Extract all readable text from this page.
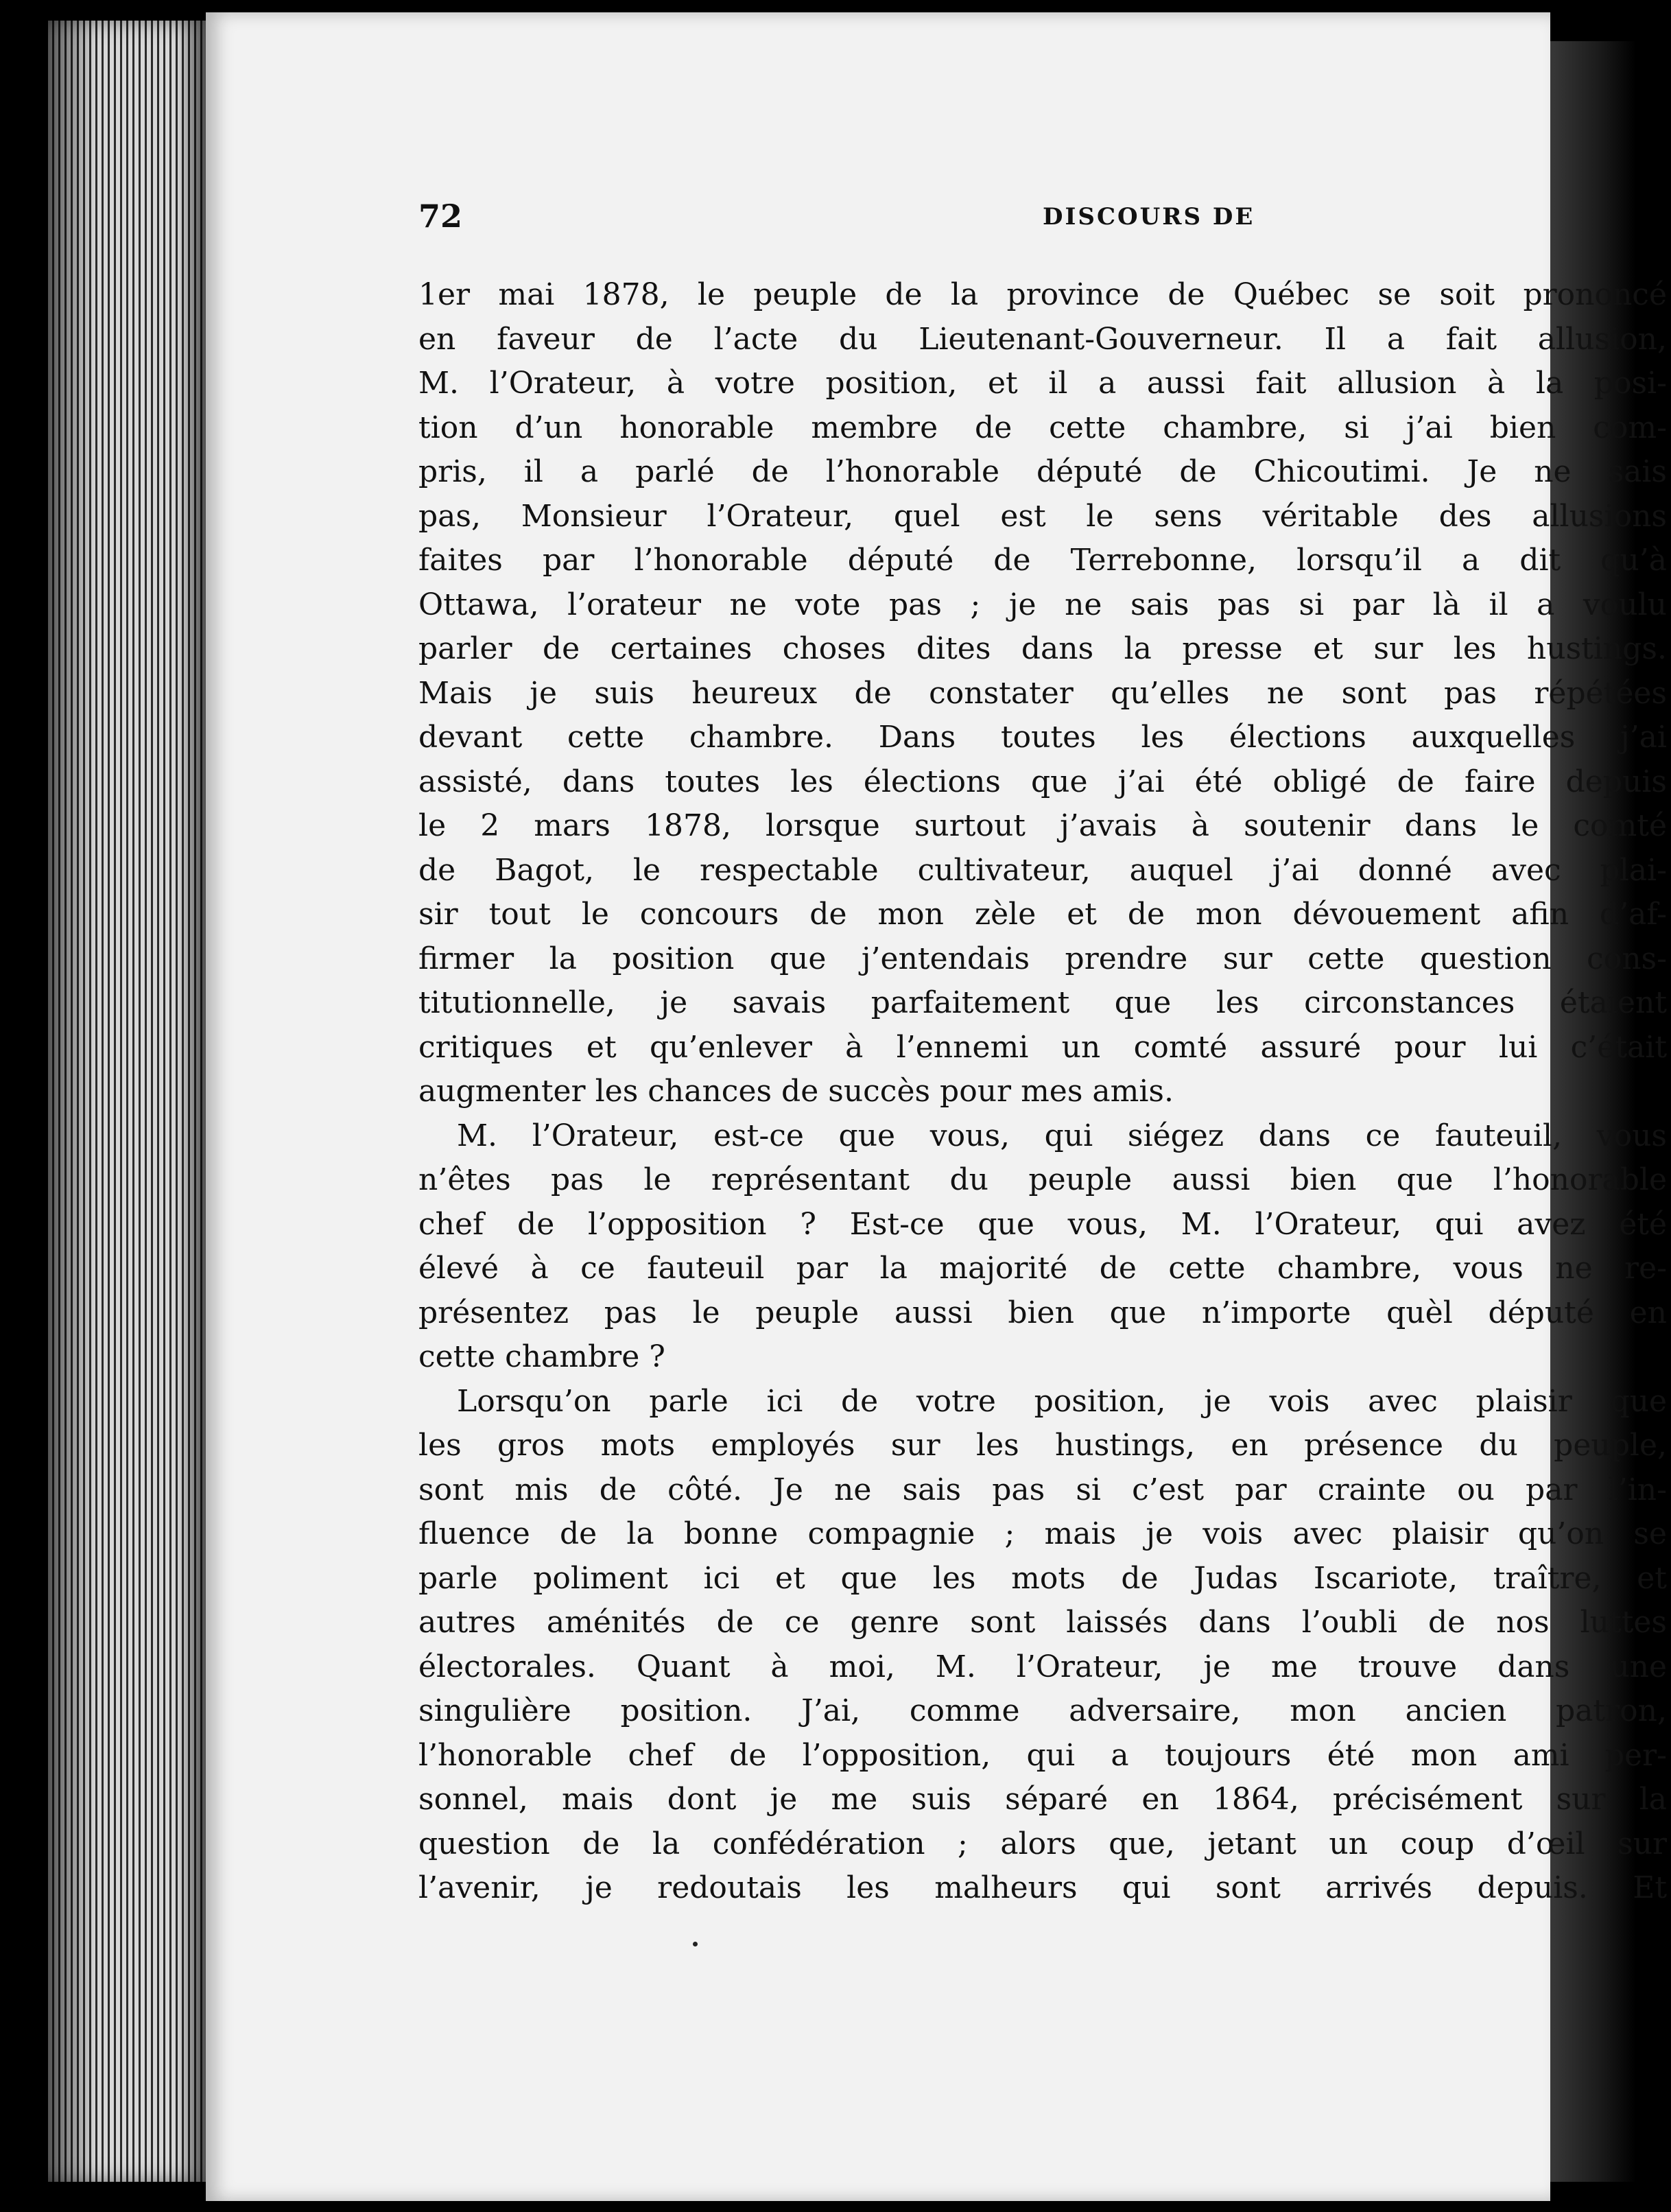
72	DISCOURS DE

1er mai 1878, le peuple de la province de Québec se soit prononcé
en faveur de l’acte du Lieutenant-Gouverneur. Il a fait allusion,
M. l’Orateur, à votre position, et il a aussi fait allusion à la posi-
tion d’un honorable membre de cette chambre, si j’ai bien com-
pris, il a parlé de l’honorable député de Chicoutimi. Je ne sais
pas, Monsieur l’Orateur, quel est le sens véritable des allusions
faites par l’honorable député de Terrebonne, lorsqu’il a dit qu’à
Ottawa, l’orateur ne vote pas ; je ne sais pas si par là il a voulu
parler de certaines choses dites dans la presse et sur les hustings.
Mais je suis heureux de constater qu’elles ne sont pas répétées
devant cette chambre. Dans toutes les élections auxquelles j’ai
assisté, dans toutes les élections que j’ai été obligé de faire depuis
le 2 mars 1878, lorsque surtout j’avais à soutenir dans le comté
de Bagot, le respectable cultivateur, auquel j’ai donné avec plai-
sir tout le concours de mon zèle et de mon dévouement afin d’af-
firmer la position que j’entendais prendre sur cette question cons-
titutionnelle, je savais parfaitement que les circonstances étaient
critiques et qu’enlever à l’ennemi un comté assuré pour lui c’était
augmenter les chances de succès pour mes amis.

M. l’Orateur, est-ce que vous, qui siégez dans ce fauteuil, vous
n’êtes pas le représentant du peuple aussi bien que l’honorable
chef de l’opposition ? Est-ce que vous, M. l’Orateur, qui avez été
élevé à ce fauteuil par la majorité de cette chambre, vous ne re-
présentez pas le peuple aussi bien que n’importe quèl député en
cette chambre ?

Lorsqu’on parle ici de votre position, je vois avec plaisir que
les gros mots employés sur les hustings, en présence du peuple,
sont mis de côté. Je ne sais pas si c’est par crainte ou par l’in-
fluence de la bonne compagnie ; mais je vois avec plaisir qu’on se
parle poliment ici et que les mots de Judas Iscariote, traître, et
autres aménités de ce genre sont laissés dans l’oubli de nos luttes
électorales. Quant à moi, M. l’Orateur, je me trouve dans une
singulière position. J’ai, comme adversaire, mon ancien patron,
l’honorable chef de l’opposition, qui a toujours été mon ami per-
sonnel, mais dont je me suis séparé en 1864, précisément sur la
question de la confédération ; alors que, jetant un coup d’œil sur
l’avenir, je redoutais les malheurs qui sont arrivés depuis. Et
